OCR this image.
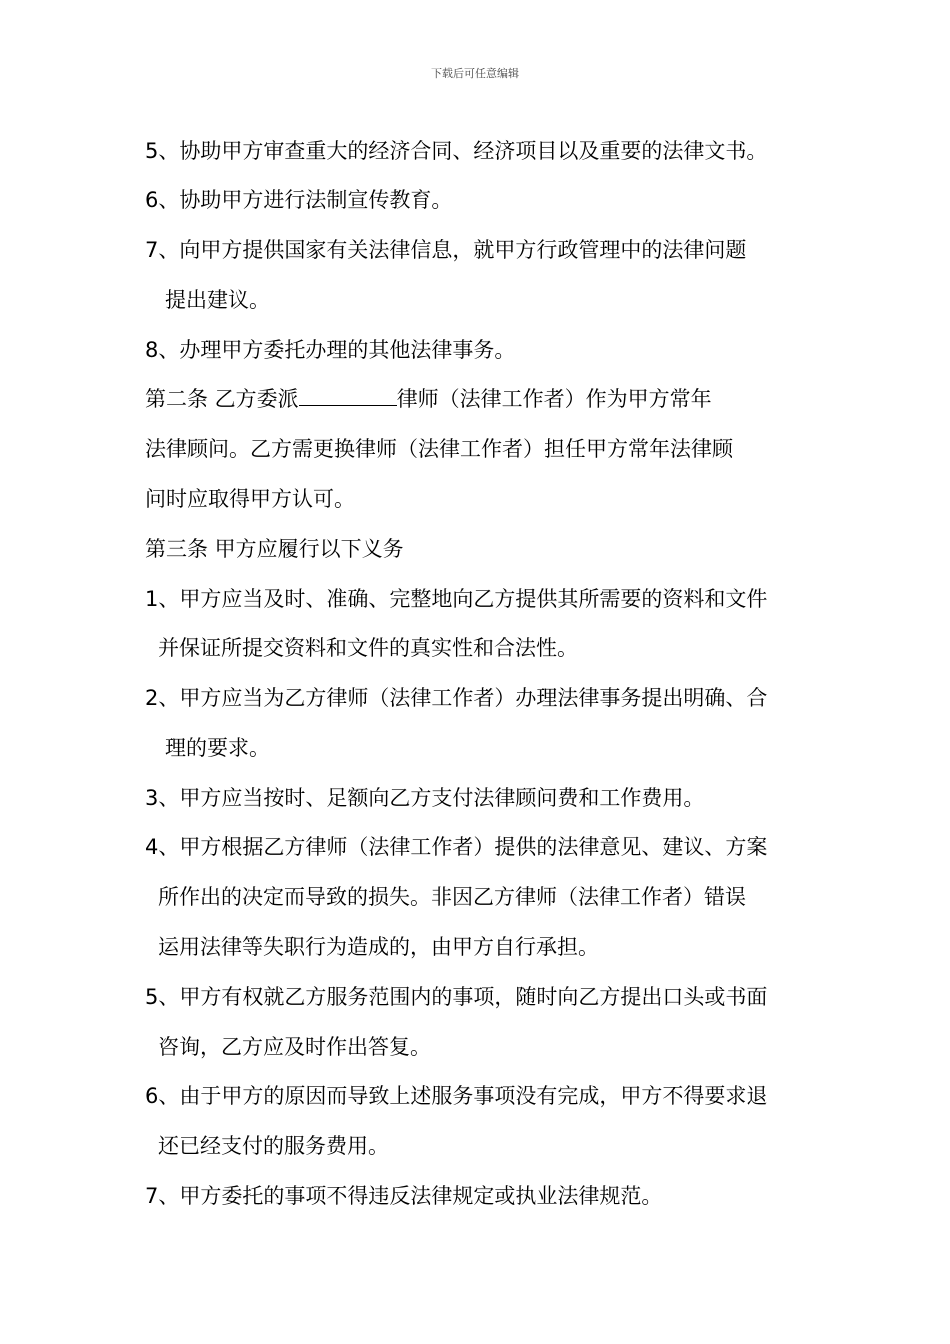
下载后可任意编辑
5、协助甲方审查重大的经济合同、经济项目以及重要的法律文书。
6、协助甲方进行法制宣传教育。
7、向甲方提供国家有关法律信息，就甲方行政管理中的法律问题
提出建议。
8、办理甲方委托办理的其他法律事务。
第二条 乙方委派	律师（法律工作者）作为甲方常年
法律顾问。乙方需更换律师（法律工作者）担任甲方常年法律顾
问时应取得甲方认可。
第三条 甲方应履行以下义务
1、甲方应当及时、准确、完整地向乙方提供其所需要的资料和文件
并保证所提交资料和文件的真实性和合法性。
2、甲方应当为乙方律师（法律工作者）办理法律事务提出明确、合
理的要求。
3、甲方应当按时、足额向乙方支付法律顾问费和工作费用。
4、甲方根据乙方律师（法律工作者）提供的法律意见、建议、方案
所作出的决定而导致的损失。非因乙方律师（法律工作者）错误
运用法律等失职行为造成的，由甲方自行承担。
5、甲方有权就乙方服务范围内的事项，随时向乙方提出口头或书面
咨询，乙方应及时作出答复。
6、由于甲方的原因而导致上述服务事项没有完成，甲方不得要求退
还已经支付的服务费用。
7、甲方委托的事项不得违反法律规定或执业法律规范。
